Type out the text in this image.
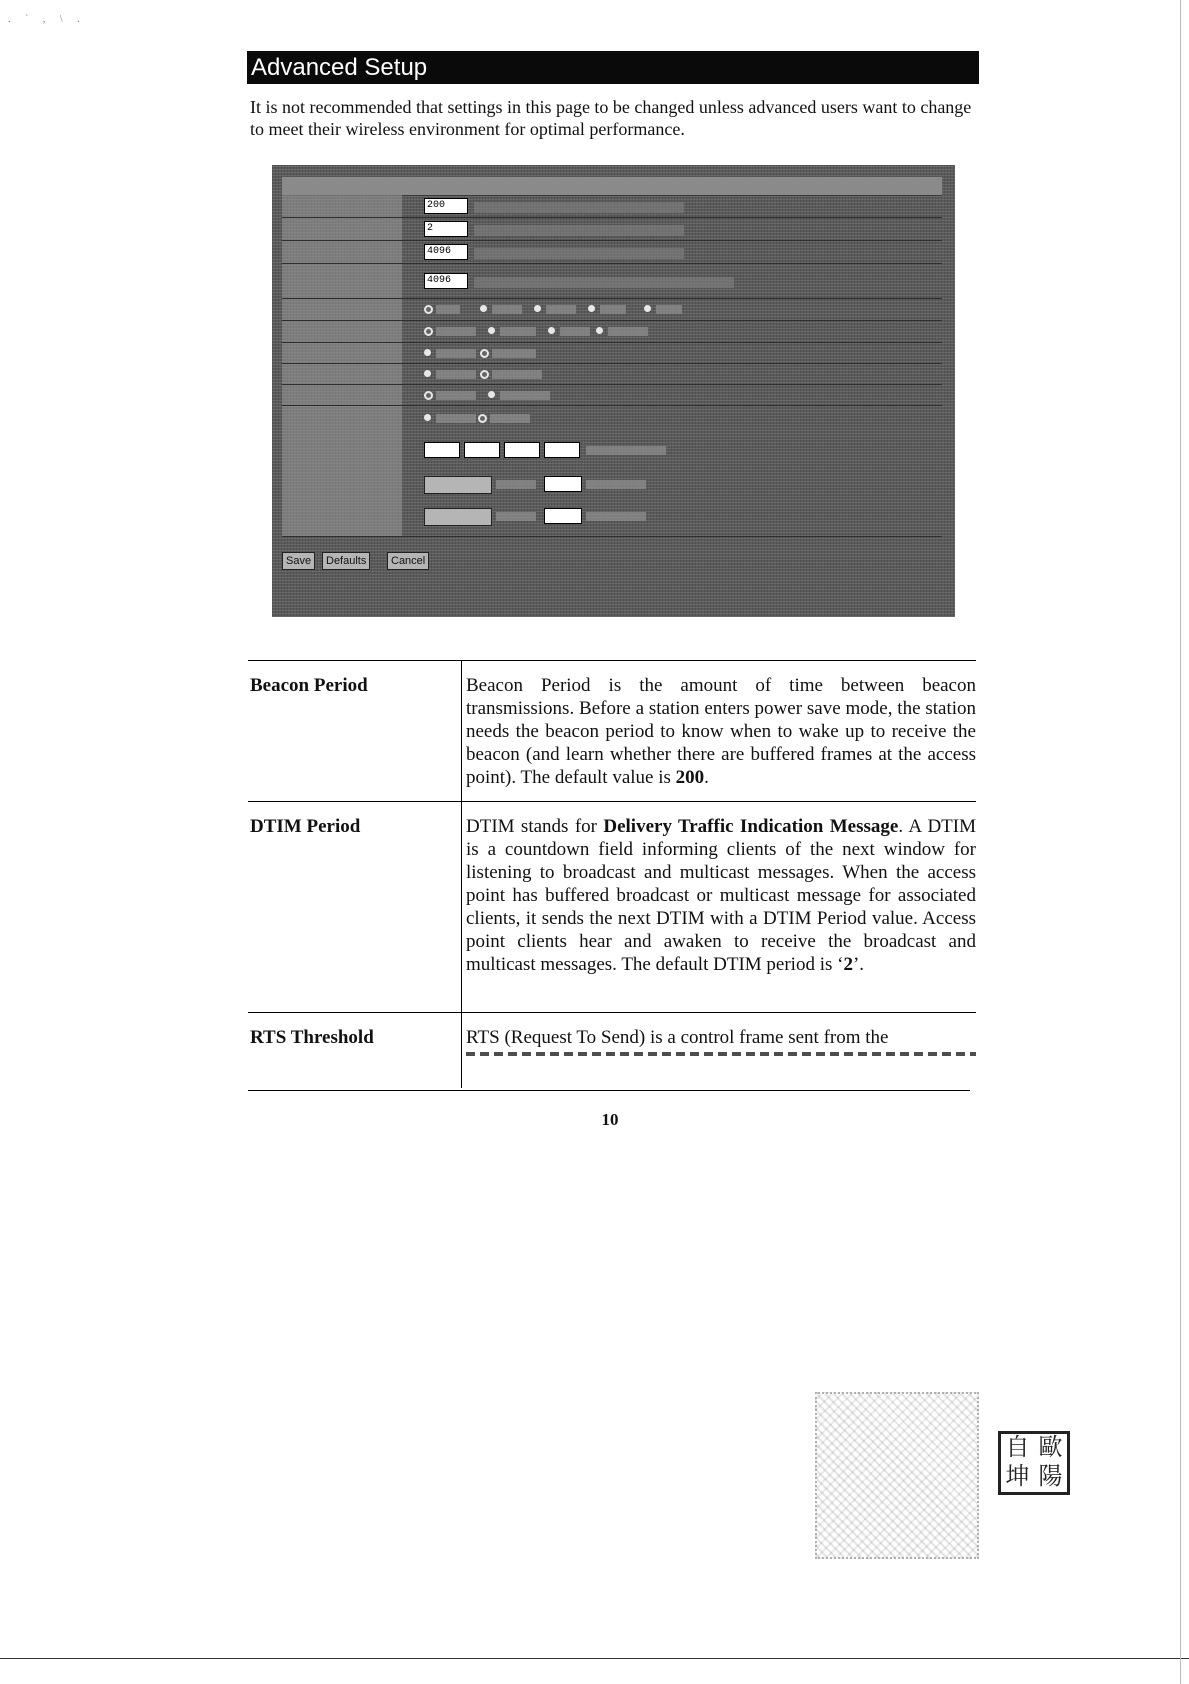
. ` , \ .
Advanced Setup
It is not recommended that settings in this page to be changed unless advanced users want to change to meet their wireless environment for optimal performance.
200
2
4096
4096
Save	Defaults	Cancel
Beacon Period	Beacon Period is the amount of time between beacon transmissions. Before a station enters power save mode, the station needs the beacon period to know when to wake up to receive the beacon (and learn whether there are buffered frames at the access point). The default value is 200.
DTIM Period	DTIM stands for Delivery Traffic Indication Message. A DTIM is a countdown field informing clients of the next window for listening to broadcast and multicast messages. When the access point has buffered broadcast or multicast message for associated clients, it sends the next DTIM with a DTIM Period value. Access point clients hear and awaken to receive the broadcast and multicast messages. The default DTIM period is ‘2’.
RTS Threshold	RTS (Request To Send) is a control frame sent from the
10
自 歐
坤 陽
